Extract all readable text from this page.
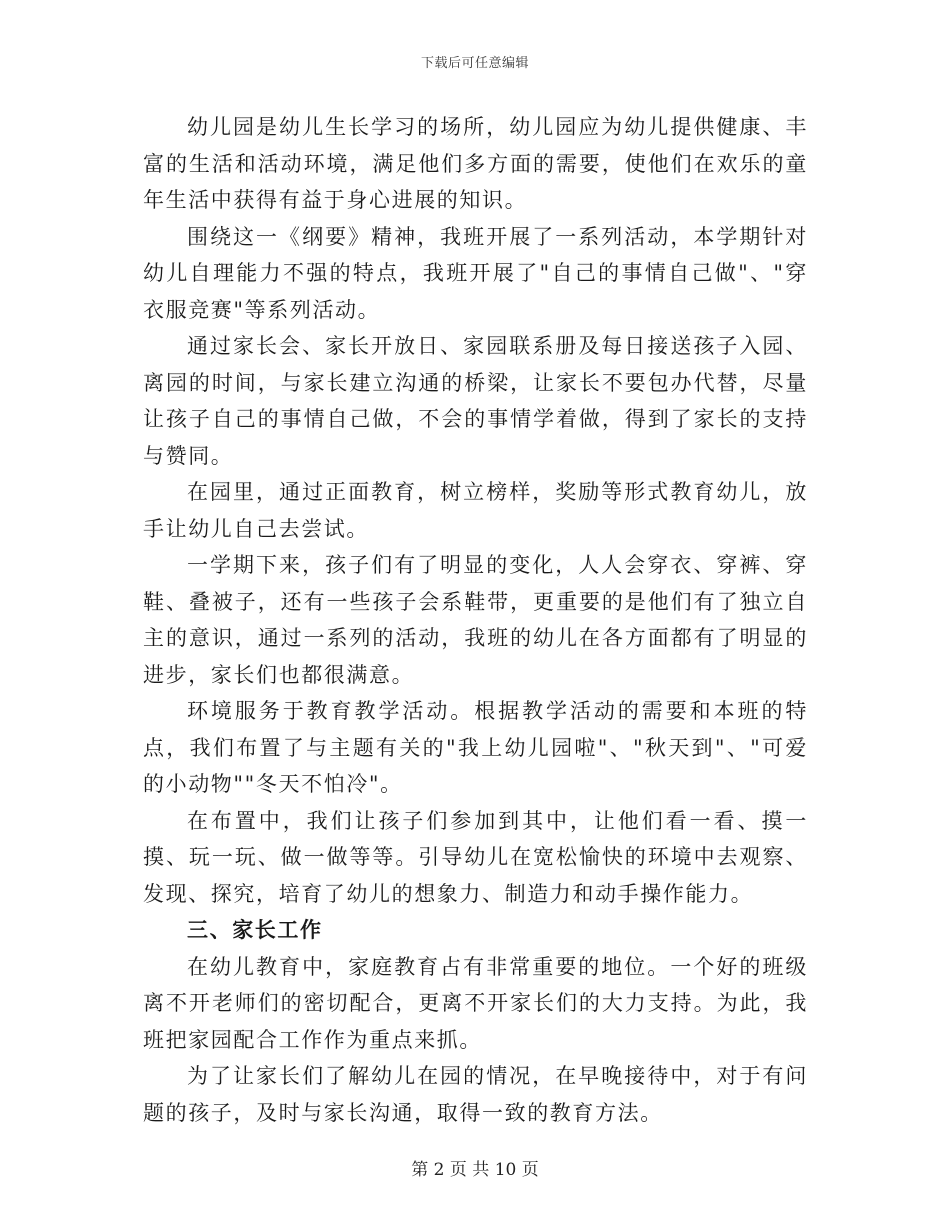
下载后可任意编辑

幼儿园是幼儿生长学习的场所，幼儿园应为幼儿提供健康、丰富的生活和活动环境，满足他们多方面的需要，使他们在欢乐的童年生活中获得有益于身心进展的知识。

围绕这一《纲要》精神，我班开展了一系列活动，本学期针对幼儿自理能力不强的特点，我班开展了"自己的事情自己做"、"穿衣服竞赛"等系列活动。

通过家长会、家长开放日、家园联系册及每日接送孩子入园、离园的时间，与家长建立沟通的桥梁，让家长不要包办代替，尽量让孩子自己的事情自己做，不会的事情学着做，得到了家长的支持与赞同。

在园里，通过正面教育，树立榜样，奖励等形式教育幼儿，放手让幼儿自己去尝试。

一学期下来，孩子们有了明显的变化，人人会穿衣、穿裤、穿鞋、叠被子，还有一些孩子会系鞋带，更重要的是他们有了独立自主的意识，通过一系列的活动，我班的幼儿在各方面都有了明显的进步，家长们也都很满意。

环境服务于教育教学活动。根据教学活动的需要和本班的特点，我们布置了与主题有关的"我上幼儿园啦"、"秋天到"、"可爱的小动物""冬天不怕冷"。

在布置中，我们让孩子们参加到其中，让他们看一看、摸一摸、玩一玩、做一做等等。引导幼儿在宽松愉快的环境中去观察、发现、探究，培育了幼儿的想象力、制造力和动手操作能力。

三、家长工作

在幼儿教育中，家庭教育占有非常重要的地位。一个好的班级离不开老师们的密切配合，更离不开家长们的大力支持。为此，我班把家园配合工作作为重点来抓。

为了让家长们了解幼儿在园的情况，在早晚接待中，对于有问题的孩子，及时与家长沟通，取得一致的教育方法。

第 2 页 共 10 页
